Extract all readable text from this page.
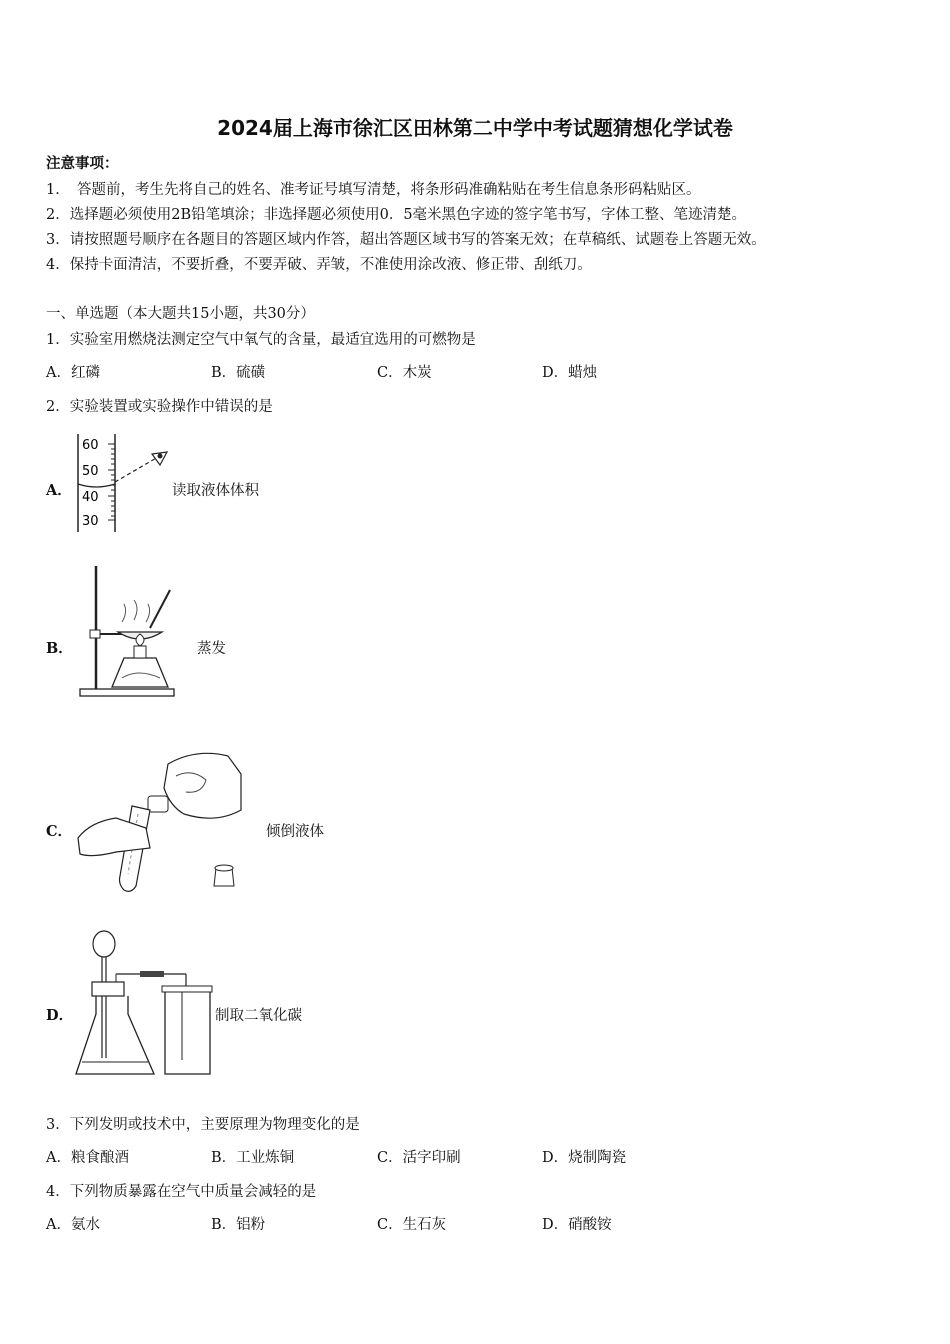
2024届上海市徐汇区田林第二中学中考试题猜想化学试卷
注意事项：
1．　答题前，考生先将自己的姓名、准考证号填写清楚，将条形码准确粘贴在考生信息条形码粘贴区。
2．选择题必须使用2B铅笔填涂；非选择题必须使用0．5毫米黑色字迹的签字笔书写，字体工整、笔迹清楚。
3．请按照题号顺序在各题目的答题区域内作答，超出答题区域书写的答案无效；在草稿纸、试题卷上答题无效。
4．保持卡面清洁，不要折叠，不要弄破、弄皱，不准使用涂改液、修正带、刮纸刀。
一、单选题（本大题共15小题，共30分）
1．实验室用燃烧法测定空气中氧气的含量，最适宜选用的可燃物是
A．红磷	B．硫磺	C．木炭	D．蜡烛
2．实验装置或实验操作中错误的是
A．
60
50
40
30
读取液体体积
B．	蒸发
C．	倾倒液体
D．	制取二氧化碳
3．下列发明或技术中，主要原理为物理变化的是
A．粮食酿酒	B．工业炼铜	C．活字印刷	D．烧制陶瓷
4．下列物质暴露在空气中质量会减轻的是
A．氨水	B．铝粉	C．生石灰	D．硝酸铵
